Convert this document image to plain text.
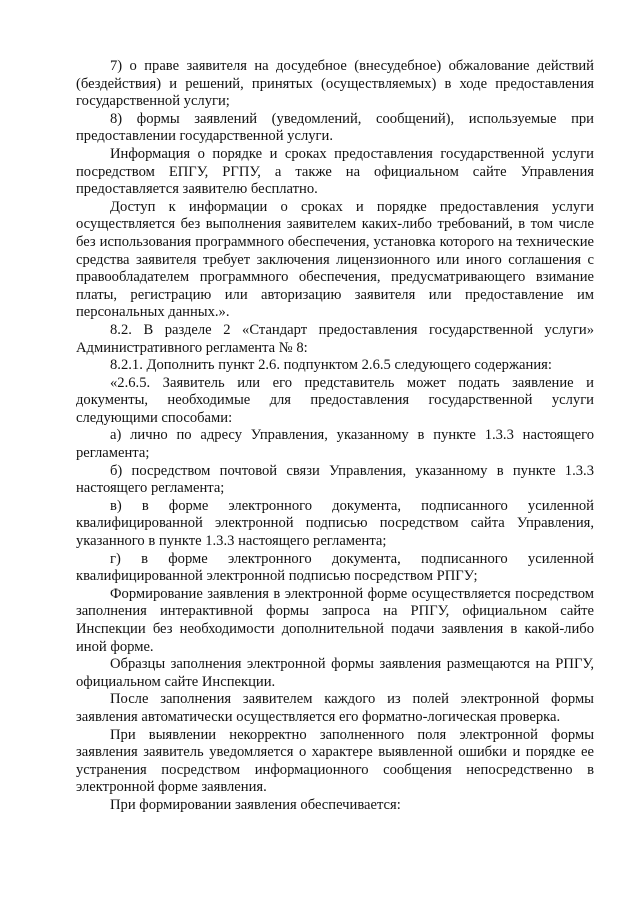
7) о праве заявителя на досудебное (внесудебное) обжалование действий (бездействия) и решений, принятых (осуществляемых) в ходе предоставления государственной услуги;

8) формы заявлений (уведомлений, сообщений), используемые при предоставлении государственной услуги.

Информация о порядке и сроках предоставления государственной услуги посредством ЕПГУ, РГПУ, а также на официальном сайте Управления предоставляется заявителю бесплатно.

Доступ к информации о сроках и порядке предоставления услуги осуществляется без выполнения заявителем каких-либо требований, в том числе без использования программного обеспечения, установка которого на технические средства заявителя требует заключения лицензионного или иного соглашения с правообладателем программного обеспечения, предусматривающего взимание платы, регистрацию или авторизацию заявителя или предоставление им персональных данных.».

8.2. В разделе 2 «Стандарт предоставления государственной услуги» Административного регламента № 8:

8.2.1. Дополнить пункт 2.6. подпунктом 2.6.5 следующего содержания:

«2.6.5. Заявитель или его представитель может подать заявление и документы, необходимые для предоставления государственной услуги следующими способами:

а) лично по адресу Управления, указанному в пункте 1.3.3 настоящего регламента;

б) посредством почтовой связи Управления, указанному в пункте 1.3.3 настоящего регламента;

в) в форме электронного документа, подписанного усиленной квалифицированной электронной подписью посредством сайта Управления, указанного в пункте 1.3.3 настоящего регламента;

г) в форме электронного документа, подписанного усиленной квалифицированной электронной подписью посредством РПГУ;

Формирование заявления в электронной форме осуществляется посредством заполнения интерактивной формы запроса на РПГУ, официальном сайте Инспекции без необходимости дополнительной подачи заявления в какой-либо иной форме.

Образцы заполнения электронной формы заявления размещаются на РПГУ, официальном сайте Инспекции.

После заполнения заявителем каждого из полей электронной формы заявления автоматически осуществляется его форматно-логическая проверка.

При выявлении некорректно заполненного поля электронной формы заявления заявитель уведомляется о характере выявленной ошибки и порядке ее устранения посредством информационного сообщения непосредственно в электронной форме заявления.

При формировании заявления обеспечивается:
